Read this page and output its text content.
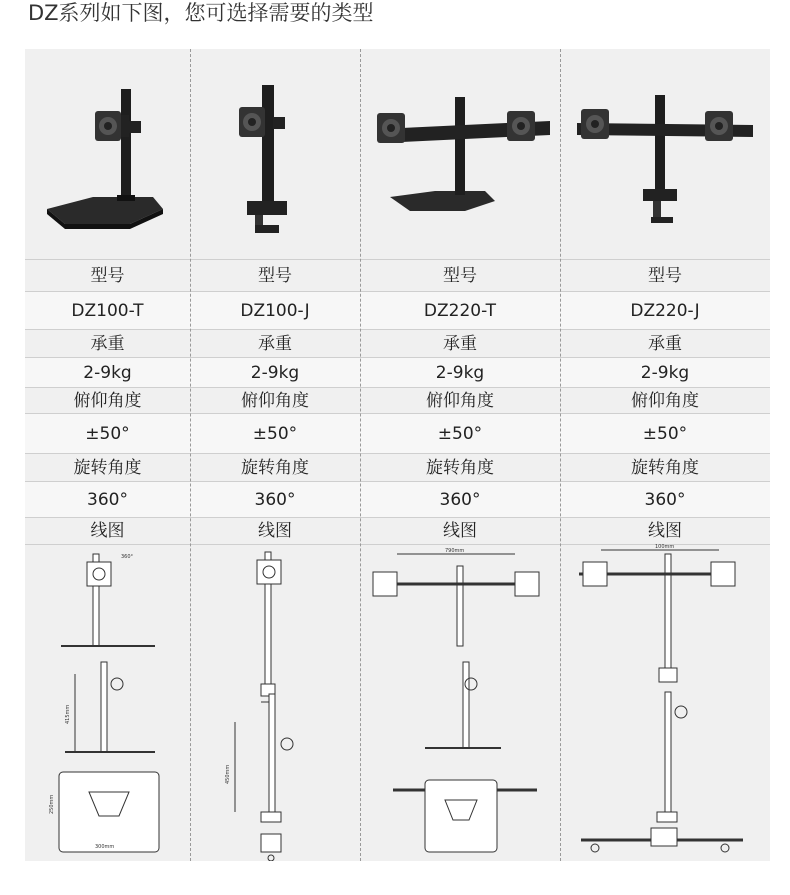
DZ系列如下图，您可选择需要的类型
型号	型号	型号	型号
DZ100-T	DZ100-J	DZ220-T	DZ220-J
承重	承重	承重	承重
2-9kg	2-9kg	2-9kg	2-9kg
俯仰角度	俯仰角度	俯仰角度	俯仰角度
±50°	±50°	±50°	±50°
旋转角度	旋转角度	旋转角度	旋转角度
360°	360°	360°	360°
线图	线图	线图	线图
360°
415mm
300mm
250mm
450mm
790mm
100mm
